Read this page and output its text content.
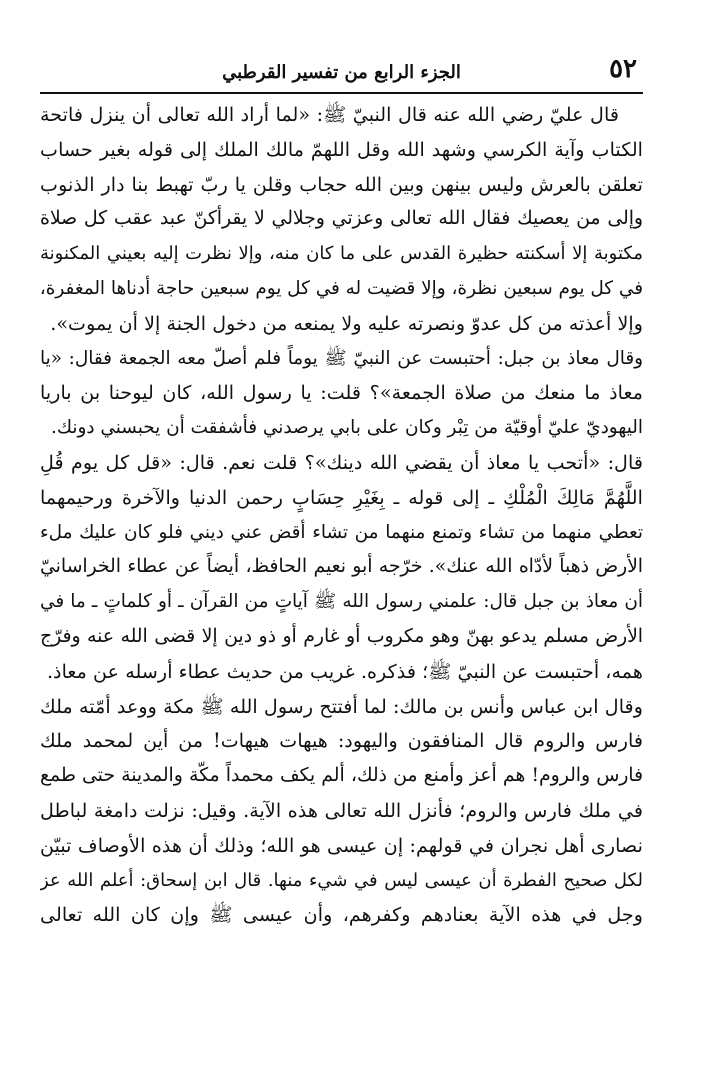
٥٢
الجزء الرابع من تفسير القرطبي
قال عليّ رضي الله عنه قال النبيّ ﷺ: «لما أراد الله تعالى أن ينزل فاتحة
الكتاب وآية الكرسي وشهد الله وقل اللهمّ مالك الملك إلى قوله بغير حساب
تعلقن بالعرش وليس بينهن وبين الله حجاب وقلن يا ربّ تهبط بنا دار الذنوب
وإلى من يعصيك فقال الله تعالى وعزتي وجلالي لا يقرأكنّ عبد عقب كل صلاة
مكتوبة إلا أسكنته حظيرة القدس على ما كان منه، وإلا نظرت إليه بعيني المكنونة
في كل يوم سبعين نظرة، وإلا قضيت له في كل يوم سبعين حاجة أدناها المغفرة،
وإلا أعذته من كل عدوّ ونصرته عليه ولا يمنعه من دخول الجنة إلا أن يموت».
وقال معاذ بن جبل: أحتبست عن النبيّ ﷺ يوماً فلم أصلّ معه الجمعة فقال: «يا
معاذ ما منعك من صلاة الجمعة»؟ قلت: يا رسول الله، كان ليوحنا بن باريا
اليهوديّ عليّ أوقيّة من تِبْر وكان على بابي يرصدني فأشفقت أن يحبسني دونك.
قال: «أتحب يا معاذ أن يقضي الله دينك»؟ قلت نعم. قال: «قل كل يوم قُلِ
اللَّهُمَّ مَالِكَ الْمُلْكِ ـ إلى قوله ـ بِغَيْرِ حِسَابٍ رحمن الدنيا والآخرة ورحيمهما
تعطي منهما من تشاء وتمنع منهما من تشاء أقض عني ديني فلو كان عليك ملء
الأرض ذهباً لأدّاه الله عنك». خرّجه أبو نعيم الحافظ، أيضاً عن عطاء الخراسانيّ
أن معاذ بن جبل قال: علمني رسول الله ﷺ آياتٍ من القرآن ـ أو كلماتٍ ـ ما في
الأرض مسلم يدعو بهنّ وهو مكروب أو غارم أو ذو دين إلا قضى الله عنه وفرّج
همه، أحتبست عن النبيّ ﷺ؛ فذكره. غريب من حديث عطاء أرسله عن معاذ.
وقال ابن عباس وأنس بن مالك: لما أفتتح رسول الله ﷺ مكة ووعد أمّته ملك
فارس والروم قال المنافقون واليهود: هيهات هيهات! من أين لمحمد ملك
فارس والروم! هم أعز وأمنع من ذلك، ألم يكف محمداً مكّة والمدينة حتى طمع
في ملك فارس والروم؛ فأنزل الله تعالى هذه الآية. وقيل: نزلت دامغة لباطل
نصارى أهل نجران في قولهم: إن عيسى هو الله؛ وذلك أن هذه الأوصاف تبيّن
لكل صحيح الفطرة أن عيسى ليس في شيء منها. قال ابن إسحاق: أعلم الله عز
وجل في هذه الآية بعنادهم وكفرهم، وأن عيسى ﷺ وإن كان الله تعالى
